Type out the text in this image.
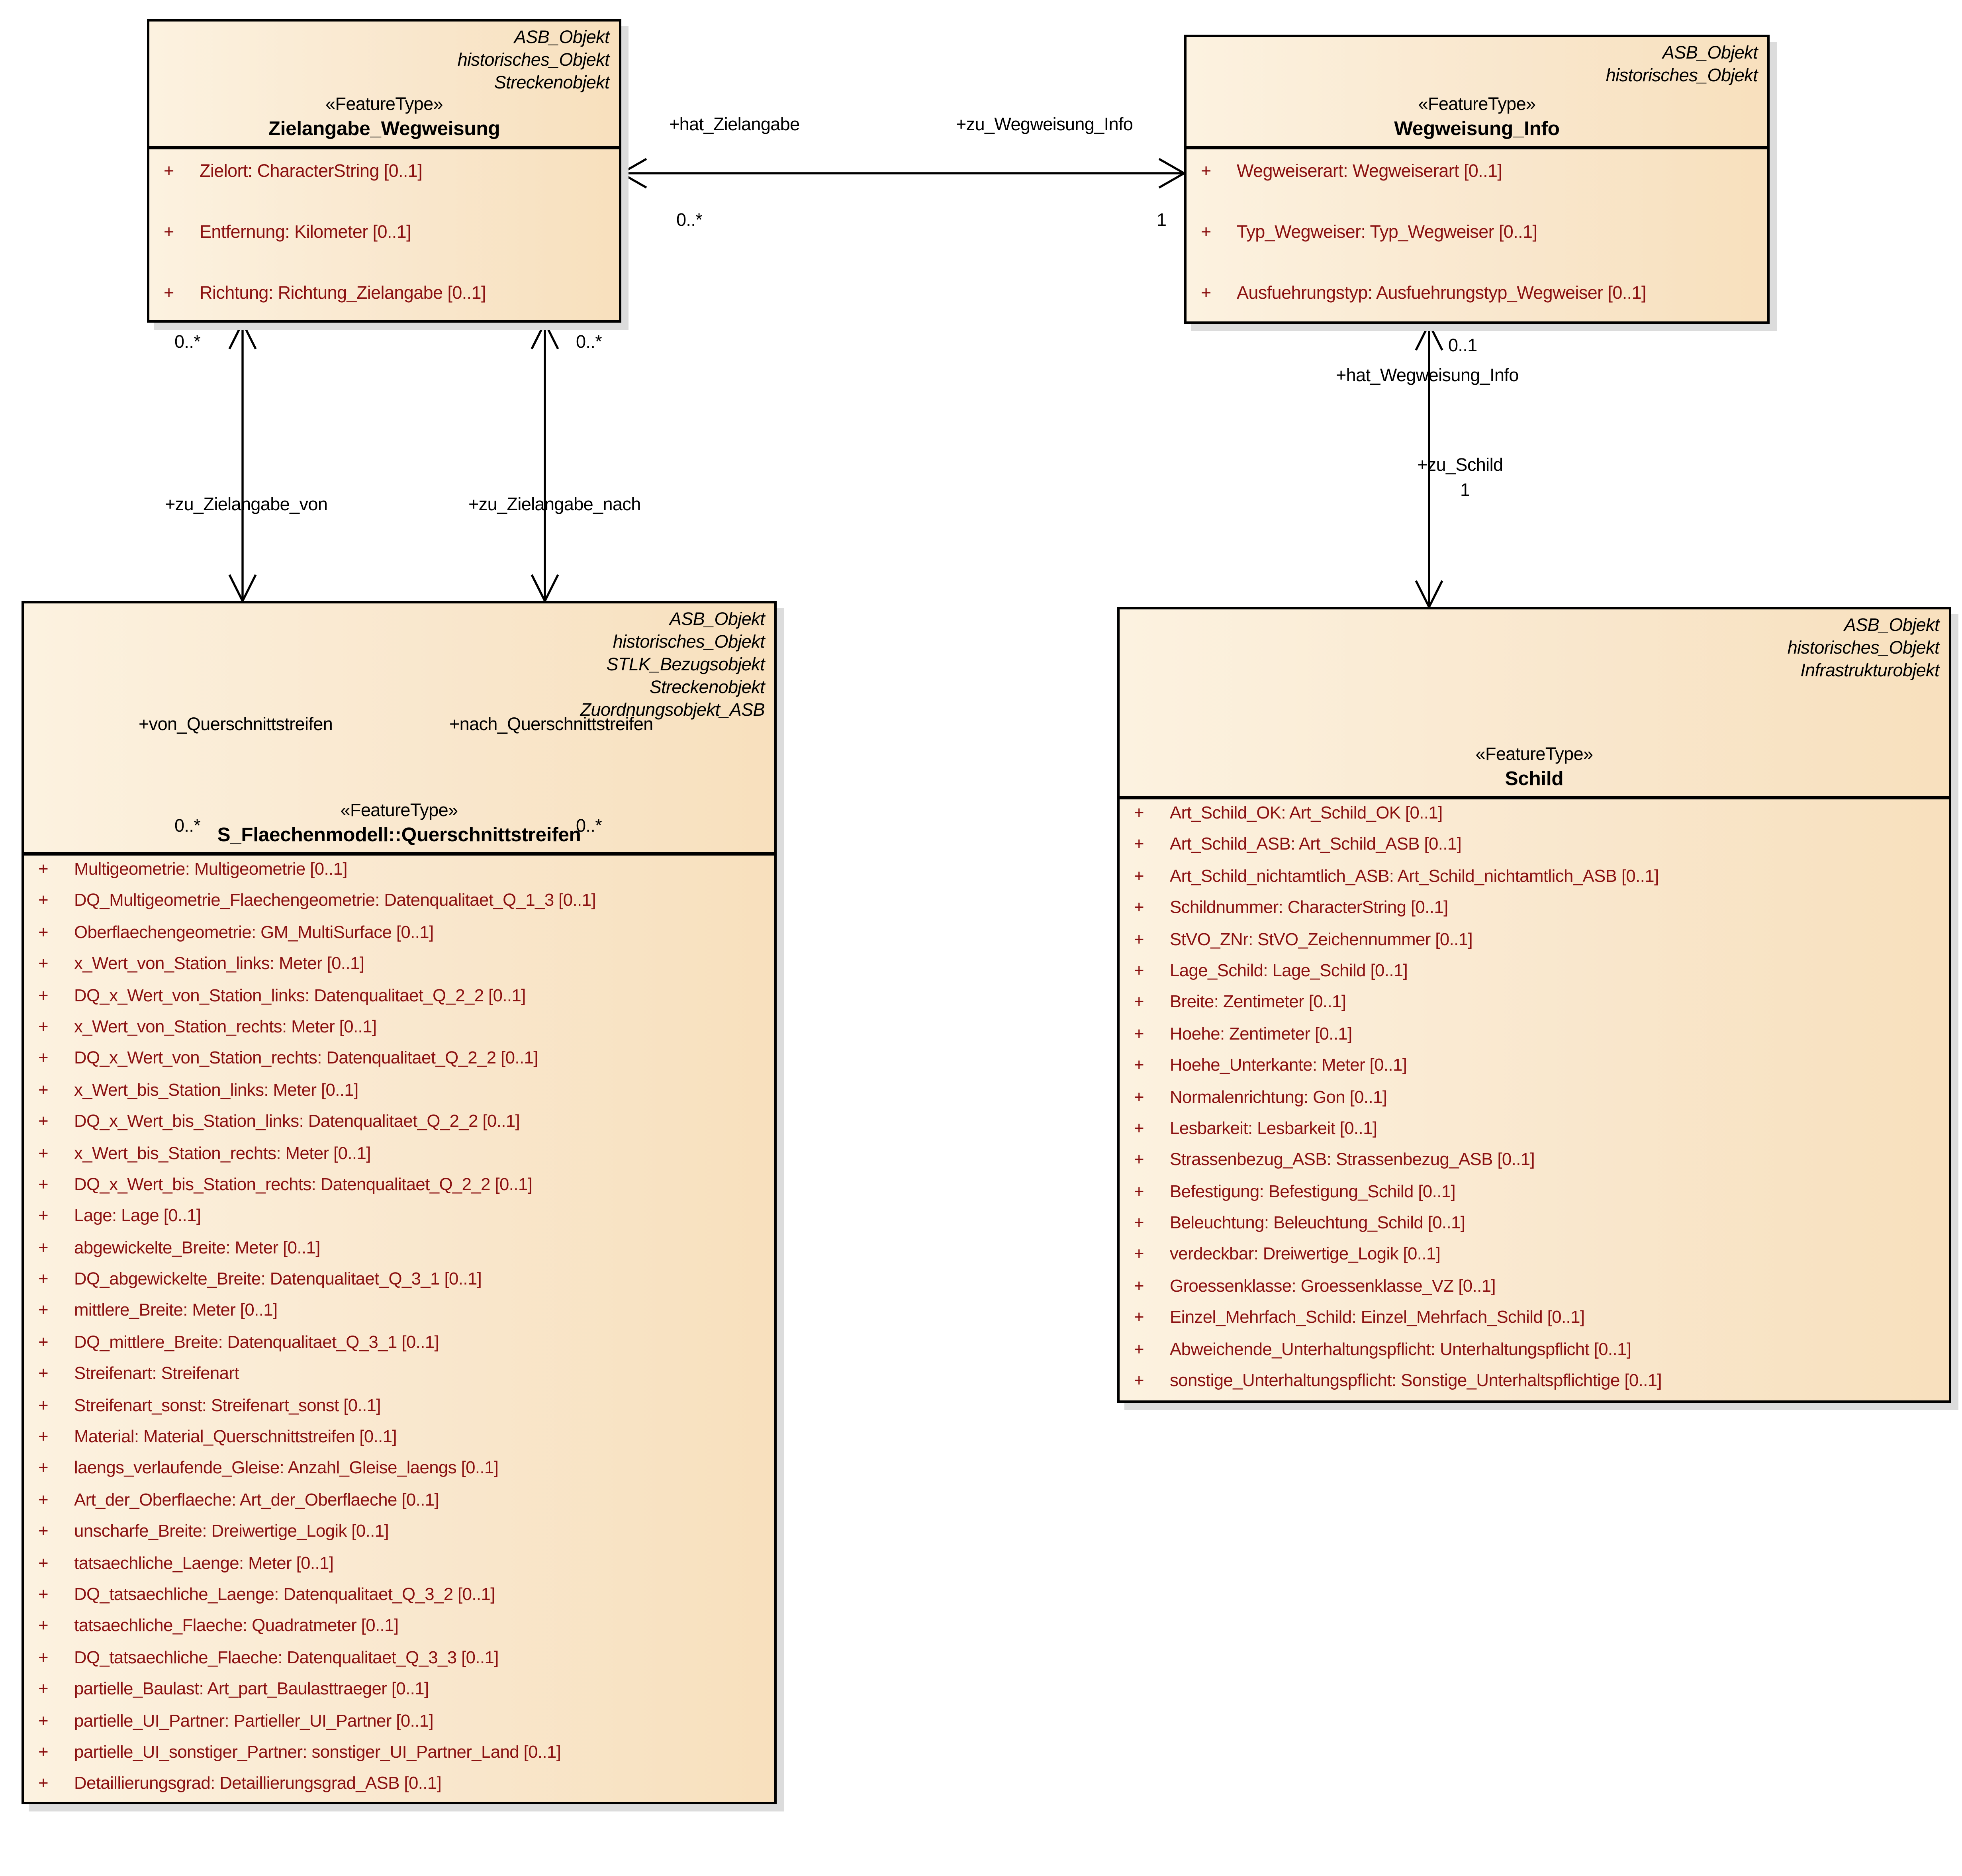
ASB_Objekt
historisches_Objekt
Streckenobjekt
«FeatureType»
Zielangabe_Wegweisung
+	Zielort: CharacterString [0..1]
+	Entfernung: Kilometer [0..1]
+	Richtung: Richtung_Zielangabe [0..1]
ASB_Objekt
historisches_Objekt
«FeatureType»
Wegweisung_Info
+	Wegweiserart: Wegweiserart [0..1]
+	Typ_Wegweiser: Typ_Wegweiser [0..1]
+	Ausfuehrungstyp: Ausfuehrungstyp_Wegweiser [0..1]
ASB_Objekt
historisches_Objekt
STLK_Bezugsobjekt
Streckenobjekt
Zuordnungsobjekt_ASB
«FeatureType»
S_Flaechenmodell::Querschnittstreifen
+	Multigeometrie: Multigeometrie [0..1]
+	DQ_Multigeometrie_Flaechengeometrie: Datenqualitaet_Q_1_3 [0..1]
+	Oberflaechengeometrie: GM_MultiSurface [0..1]
+	x_Wert_von_Station_links: Meter [0..1]
+	DQ_x_Wert_von_Station_links: Datenqualitaet_Q_2_2 [0..1]
+	x_Wert_von_Station_rechts: Meter [0..1]
+	DQ_x_Wert_von_Station_rechts: Datenqualitaet_Q_2_2 [0..1]
+	x_Wert_bis_Station_links: Meter [0..1]
+	DQ_x_Wert_bis_Station_links: Datenqualitaet_Q_2_2 [0..1]
+	x_Wert_bis_Station_rechts: Meter [0..1]
+	DQ_x_Wert_bis_Station_rechts: Datenqualitaet_Q_2_2 [0..1]
+	Lage: Lage [0..1]
+	abgewickelte_Breite: Meter [0..1]
+	DQ_abgewickelte_Breite: Datenqualitaet_Q_3_1 [0..1]
+	mittlere_Breite: Meter [0..1]
+	DQ_mittlere_Breite: Datenqualitaet_Q_3_1 [0..1]
+	Streifenart: Streifenart
+	Streifenart_sonst: Streifenart_sonst [0..1]
+	Material: Material_Querschnittstreifen [0..1]
+	laengs_verlaufende_Gleise: Anzahl_Gleise_laengs [0..1]
+	Art_der_Oberflaeche: Art_der_Oberflaeche [0..1]
+	unscharfe_Breite: Dreiwertige_Logik [0..1]
+	tatsaechliche_Laenge: Meter [0..1]
+	DQ_tatsaechliche_Laenge: Datenqualitaet_Q_3_2 [0..1]
+	tatsaechliche_Flaeche: Quadratmeter [0..1]
+	DQ_tatsaechliche_Flaeche: Datenqualitaet_Q_3_3 [0..1]
+	partielle_Baulast: Art_part_Baulasttraeger [0..1]
+	partielle_UI_Partner: Partieller_UI_Partner [0..1]
+	partielle_UI_sonstiger_Partner: sonstiger_UI_Partner_Land [0..1]
+	Detaillierungsgrad: Detaillierungsgrad_ASB [0..1]
ASB_Objekt
historisches_Objekt
Infrastrukturobjekt
«FeatureType»
Schild
+	Art_Schild_OK: Art_Schild_OK [0..1]
+	Art_Schild_ASB: Art_Schild_ASB [0..1]
+	Art_Schild_nichtamtlich_ASB: Art_Schild_nichtamtlich_ASB [0..1]
+	Schildnummer: CharacterString [0..1]
+	StVO_ZNr: StVO_Zeichennummer [0..1]
+	Lage_Schild: Lage_Schild [0..1]
+	Breite: Zentimeter [0..1]
+	Hoehe: Zentimeter [0..1]
+	Hoehe_Unterkante: Meter [0..1]
+	Normalenrichtung: Gon [0..1]
+	Lesbarkeit: Lesbarkeit [0..1]
+	Strassenbezug_ASB: Strassenbezug_ASB [0..1]
+	Befestigung: Befestigung_Schild [0..1]
+	Beleuchtung: Beleuchtung_Schild [0..1]
+	verdeckbar: Dreiwertige_Logik [0..1]
+	Groessenklasse: Groessenklasse_VZ [0..1]
+	Einzel_Mehrfach_Schild: Einzel_Mehrfach_Schild [0..1]
+	Abweichende_Unterhaltungspflicht: Unterhaltungspflicht [0..1]
+	sonstige_Unterhaltungspflicht: Sonstige_Unterhaltspflichtige [0..1]
+hat_Zielangabe	+zu_Wegweisung_Info
0..*	1
0..*
+zu_Zielangabe_von
+von_Querschnittstreifen
0..*
0..*
+zu_Zielangabe_nach
+nach_Querschnittstreifen
0..*
0..1
+hat_Wegweisung_Info
+zu_Schild
1
